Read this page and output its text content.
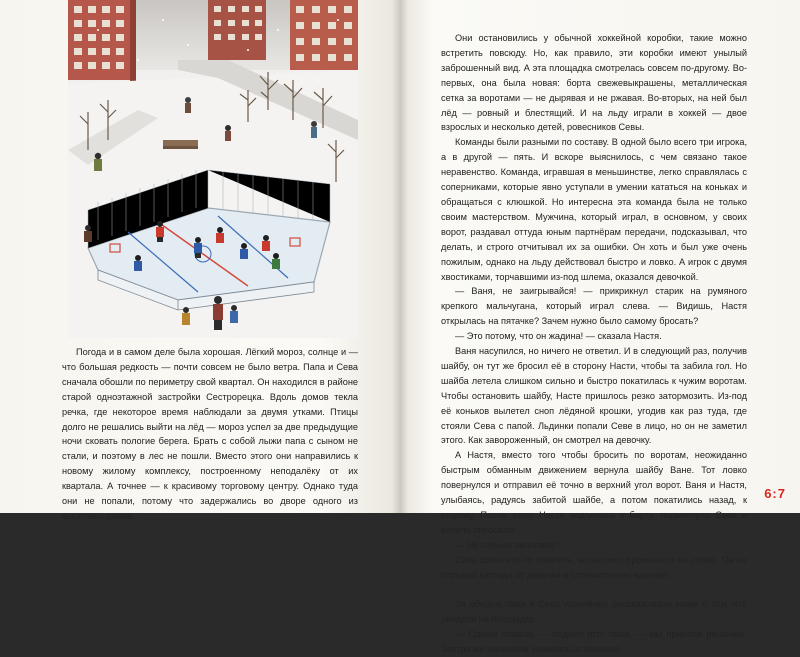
Погода и в самом деле была хорошая. Лёгкий мороз, солнце и — что большая редкость — почти совсем не было ветра. Папа и Сева сначала обошли по периметру свой квартал. Он находился в районе старой одноэтажной застройки Сестрорецка. Вдоль домов текла речка, где некоторое время наблюдали за двумя утками. Птицы долго не решались выйти на лёд — мороз успел за две предыдущие ночи сковать пологие берега. Брать с собой лыжи папа с сыном не стали, и поэтому в лес не пошли. Вместо этого они направились к новому жилому комплексу, построенному неподалёку от их квартала. А точнее — к красивому торговому центру. Однако туда они не попали, потому что задержались во дворе одного из высотных домов.

Они остановились у обычной хоккейной коробки, такие можно встретить повсюду. Но, как правило, эти коробки имеют унылый заброшенный вид. А эта площадка смотрелась совсем по-другому. Во-первых, она была новая: борта свежевыкрашены, металлическая сетка за воротами — не дырявая и не ржавая. Во-вторых, на ней был лёд — ровный и блестящий. И на льду играли в хоккей — двое взрослых и несколько детей, ровесников Севы.

Команды были разными по составу. В одной было всего три игрока, а в другой — пять. И вскоре выяснилось, с чем связано такое неравенство. Команда, игравшая в меньшинстве, легко справлялась с соперниками, которые явно уступали в умении кататься на коньках и обращаться с клюшкой. Но интересна эта команда была не только своим мастерством. Мужчина, который играл, в основном, у своих ворот, раздавал оттуда юным партнёрам передачи, подсказывал, что делать, и строго отчитывал их за ошибки. Он хоть и был уже очень пожилым, однако на льду действовал быстро и ловко. А игрок с двумя хвостиками, торчавшими из-под шлема, оказался девочкой.

— Ваня, не заигрывайся! — прикрикнул старик на румяного крепкого мальчугана, который играл слева. — Видишь, Настя открылась на пятачке? Зачем нужно было самому бросать?

— Это потому, что он жадина! — сказала Настя.

Ваня насупился, но ничего не ответил. И в следующий раз, получив шайбу, он тут же бросил её в сторону Насти, чтобы та забила гол. Но шайба летела слишком сильно и быстро покатилась к чужим воротам. Чтобы остановить шайбу, Насте пришлось резко затормозить. Из-под её коньков вылетел сноп лёдяной крошки, угодив как раз туда, где стояли Сева с папой. Льдинки попали Севе в лицо, но он не заметил этого. Как завороженный, он смотрел на девочку.

А Настя, вместо того чтобы бросить по воротам, неожиданно быстрым обманным движением вернула шайбу Ване. Тот ловко повернулся и отправил её точно в верхний угол ворот. Ваня и Настя, улыбаясь, радуясь забитой шайбе, а потом покатились назад, к старику. После этого Настя подъехала к борту, подмигнула Севе и весело спросила:

— Не сильно засыпала?

Сева хотел что-то ответить, но не смог произнести ни слова. Он не отрывал взгляда от девочки и стремительно краснел.

За обедом папа и Сева увлечённо рассказывали маме о том, что увидели на площадке.

— Одним словом, — подвёл итог папа, — мы приняли решение. Завтра же начинаем заниматься хоккеем!

6:7
